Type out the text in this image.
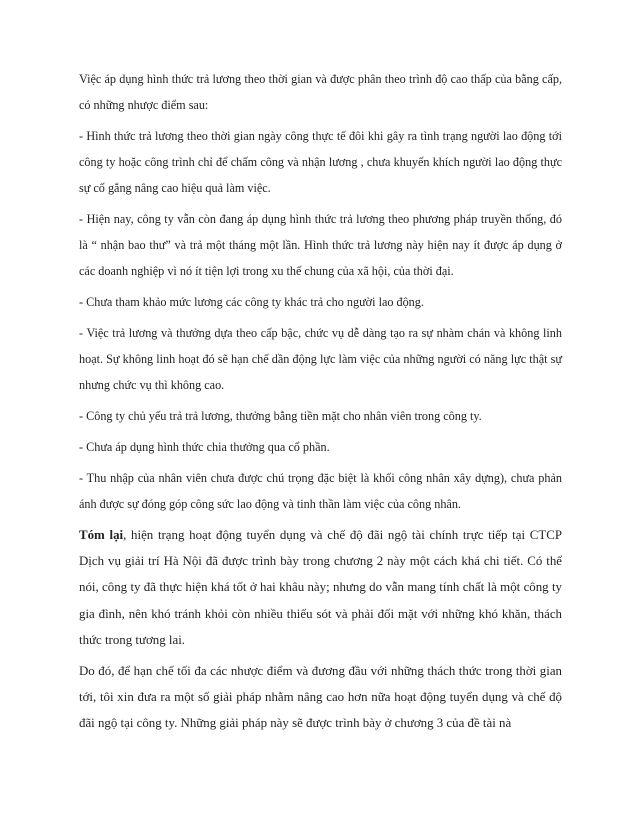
Việc áp dụng hình thức trả lương theo thời gian và được phân theo trình độ cao thấp của bằng cấp, có những nhược điểm sau:

- Hình thức trả lương theo thời gian ngày công thực tế đôi khi gây ra tình trạng người lao động tới công ty hoặc công trình chỉ để chấm công và nhận lương , chưa khuyến khích người lao động thực sự cố gắng nâng cao hiệu quả làm việc.

- Hiện nay, công ty vẫn còn đang áp dụng hình thức trả lương theo phương pháp truyền thống, đó là “ nhận bao thư” và trả một tháng một lần. Hình thức trả lương này hiện nay ít được áp dụng ở các doanh nghiệp vì nó ít tiện lợi trong xu thế chung của xã hội, của thời đại.

- Chưa tham khảo mức lương các công ty khác trả cho người lao động.

- Việc trả lương và thưởng dựa theo cấp bậc, chức vụ dễ dàng tạo ra sự nhàm chán và không linh hoạt. Sự không linh hoạt đó sẽ hạn chế dần động lực làm việc của những người có năng lực thật sự nhưng chức vụ thì không cao.

- Công ty chủ yếu trả trả lương, thưởng bằng tiền mặt cho nhân viên trong công ty.

- Chưa áp dụng hình thức chia thưởng qua cổ phần.

- Thu nhập của nhân viên chưa được chú trọng đặc biệt là khối công nhân xây dựng), chưa phản ánh được sự đóng góp công sức lao động và tinh thần làm việc của công nhân.

Tóm lại, hiện trạng hoạt động tuyển dụng và chế độ đãi ngộ tài chính trực tiếp tại CTCP Dịch vụ giải trí Hà Nội đã được trình bày trong chương 2 này một cách khá chi tiết. Có thể nói, công ty đã thực hiện khá tốt ở hai khâu này; nhưng do vẫn mang tính chất là một công ty gia đình, nên khó tránh khỏi còn nhiều thiếu sót và phải đối mặt với những khó khăn, thách thức trong tương lai.

Do đó, để hạn chế tối đa các nhược điểm và đương đầu với những thách thức trong thời gian tới, tôi xin đưa ra một số giải pháp nhằm nâng cao hơn nữa hoạt động tuyển dụng và chế độ đãi ngộ tại công ty. Những giải pháp này sẽ được trình bày ở chương 3 của đề tài nà
